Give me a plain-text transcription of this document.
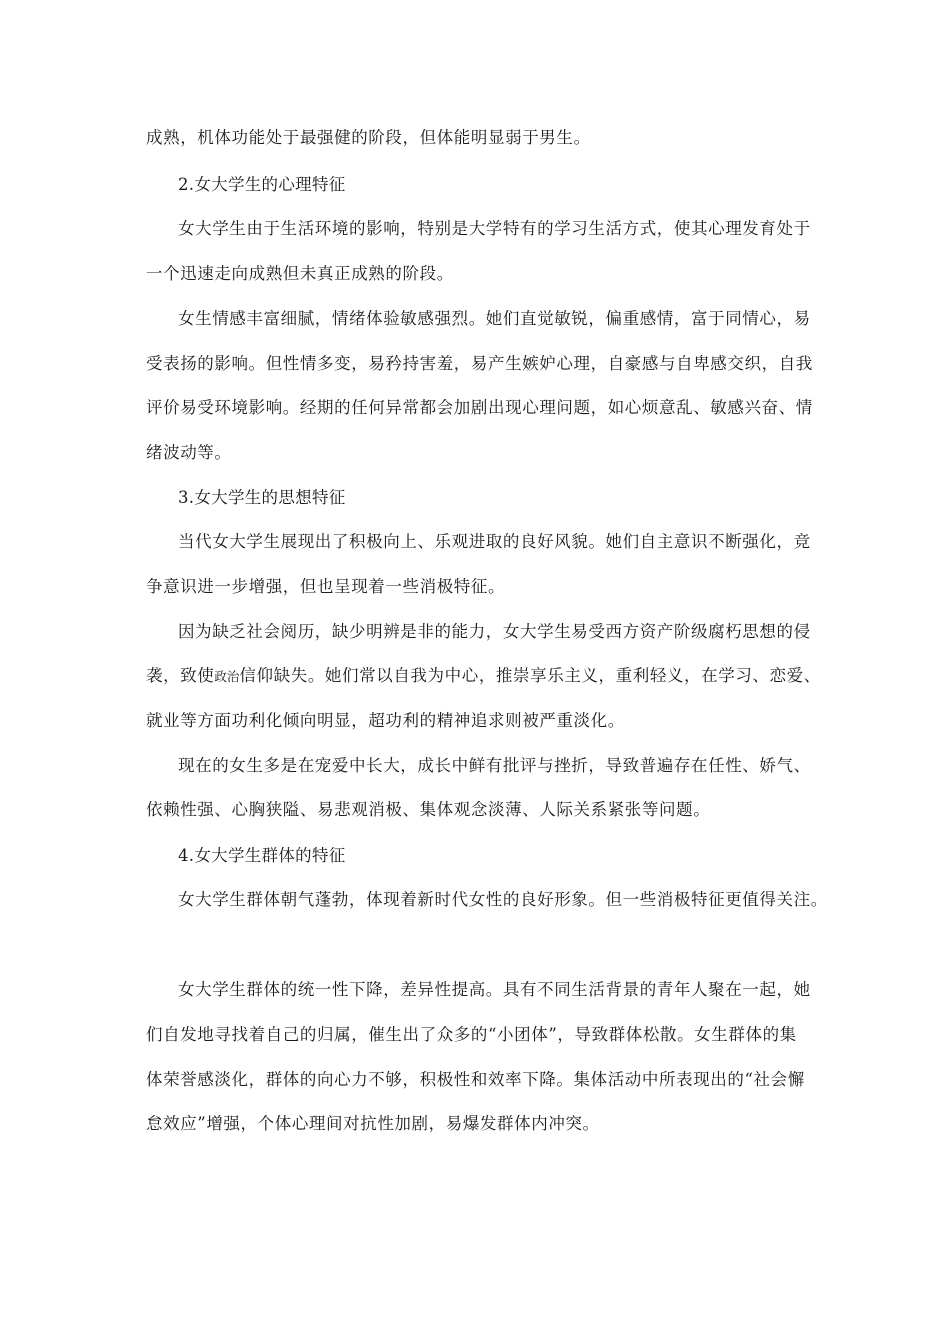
成熟，机体功能处于最强健的阶段，但体能明显弱于男生。
2.女大学生的心理特征
女大学生由于生活环境的影响，特别是大学特有的学习生活方式，使其心理发育处于
一个迅速走向成熟但未真正成熟的阶段。
女生情感丰富细腻，情绪体验敏感强烈。她们直觉敏锐，偏重感情，富于同情心，易
受表扬的影响。但性情多变，易矜持害羞，易产生嫉妒心理，自豪感与自卑感交织，自我
评价易受环境影响。经期的任何异常都会加剧出现心理问题，如心烦意乱、敏感兴奋、情
绪波动等。
3.女大学生的思想特征
当代女大学生展现出了积极向上、乐观进取的良好风貌。她们自主意识不断强化，竞
争意识进一步增强，但也呈现着一些消极特征。
因为缺乏社会阅历，缺少明辨是非的能力，女大学生易受西方资产阶级腐朽思想的侵
袭，致使政治信仰缺失。她们常以自我为中心，推崇享乐主义，重利轻义，在学习、恋爱、
就业等方面功利化倾向明显，超功利的精神追求则被严重淡化。
现在的女生多是在宠爱中长大，成长中鲜有批评与挫折，导致普遍存在任性、娇气、
依赖性强、心胸狭隘、易悲观消极、集体观念淡薄、人际关系紧张等问题。
4.女大学生群体的特征
女大学生群体朝气蓬勃，体现着新时代女性的良好形象。但一些消极特征更值得关注。
女大学生群体的统一性下降，差异性提高。具有不同生活背景的青年人聚在一起，她
们自发地寻找着自己的归属，催生出了众多的“小团体”，导致群体松散。女生群体的集
体荣誉感淡化，群体的向心力不够，积极性和效率下降。集体活动中所表现出的“社会懈
怠效应”增强，个体心理间对抗性加剧，易爆发群体内冲突。
